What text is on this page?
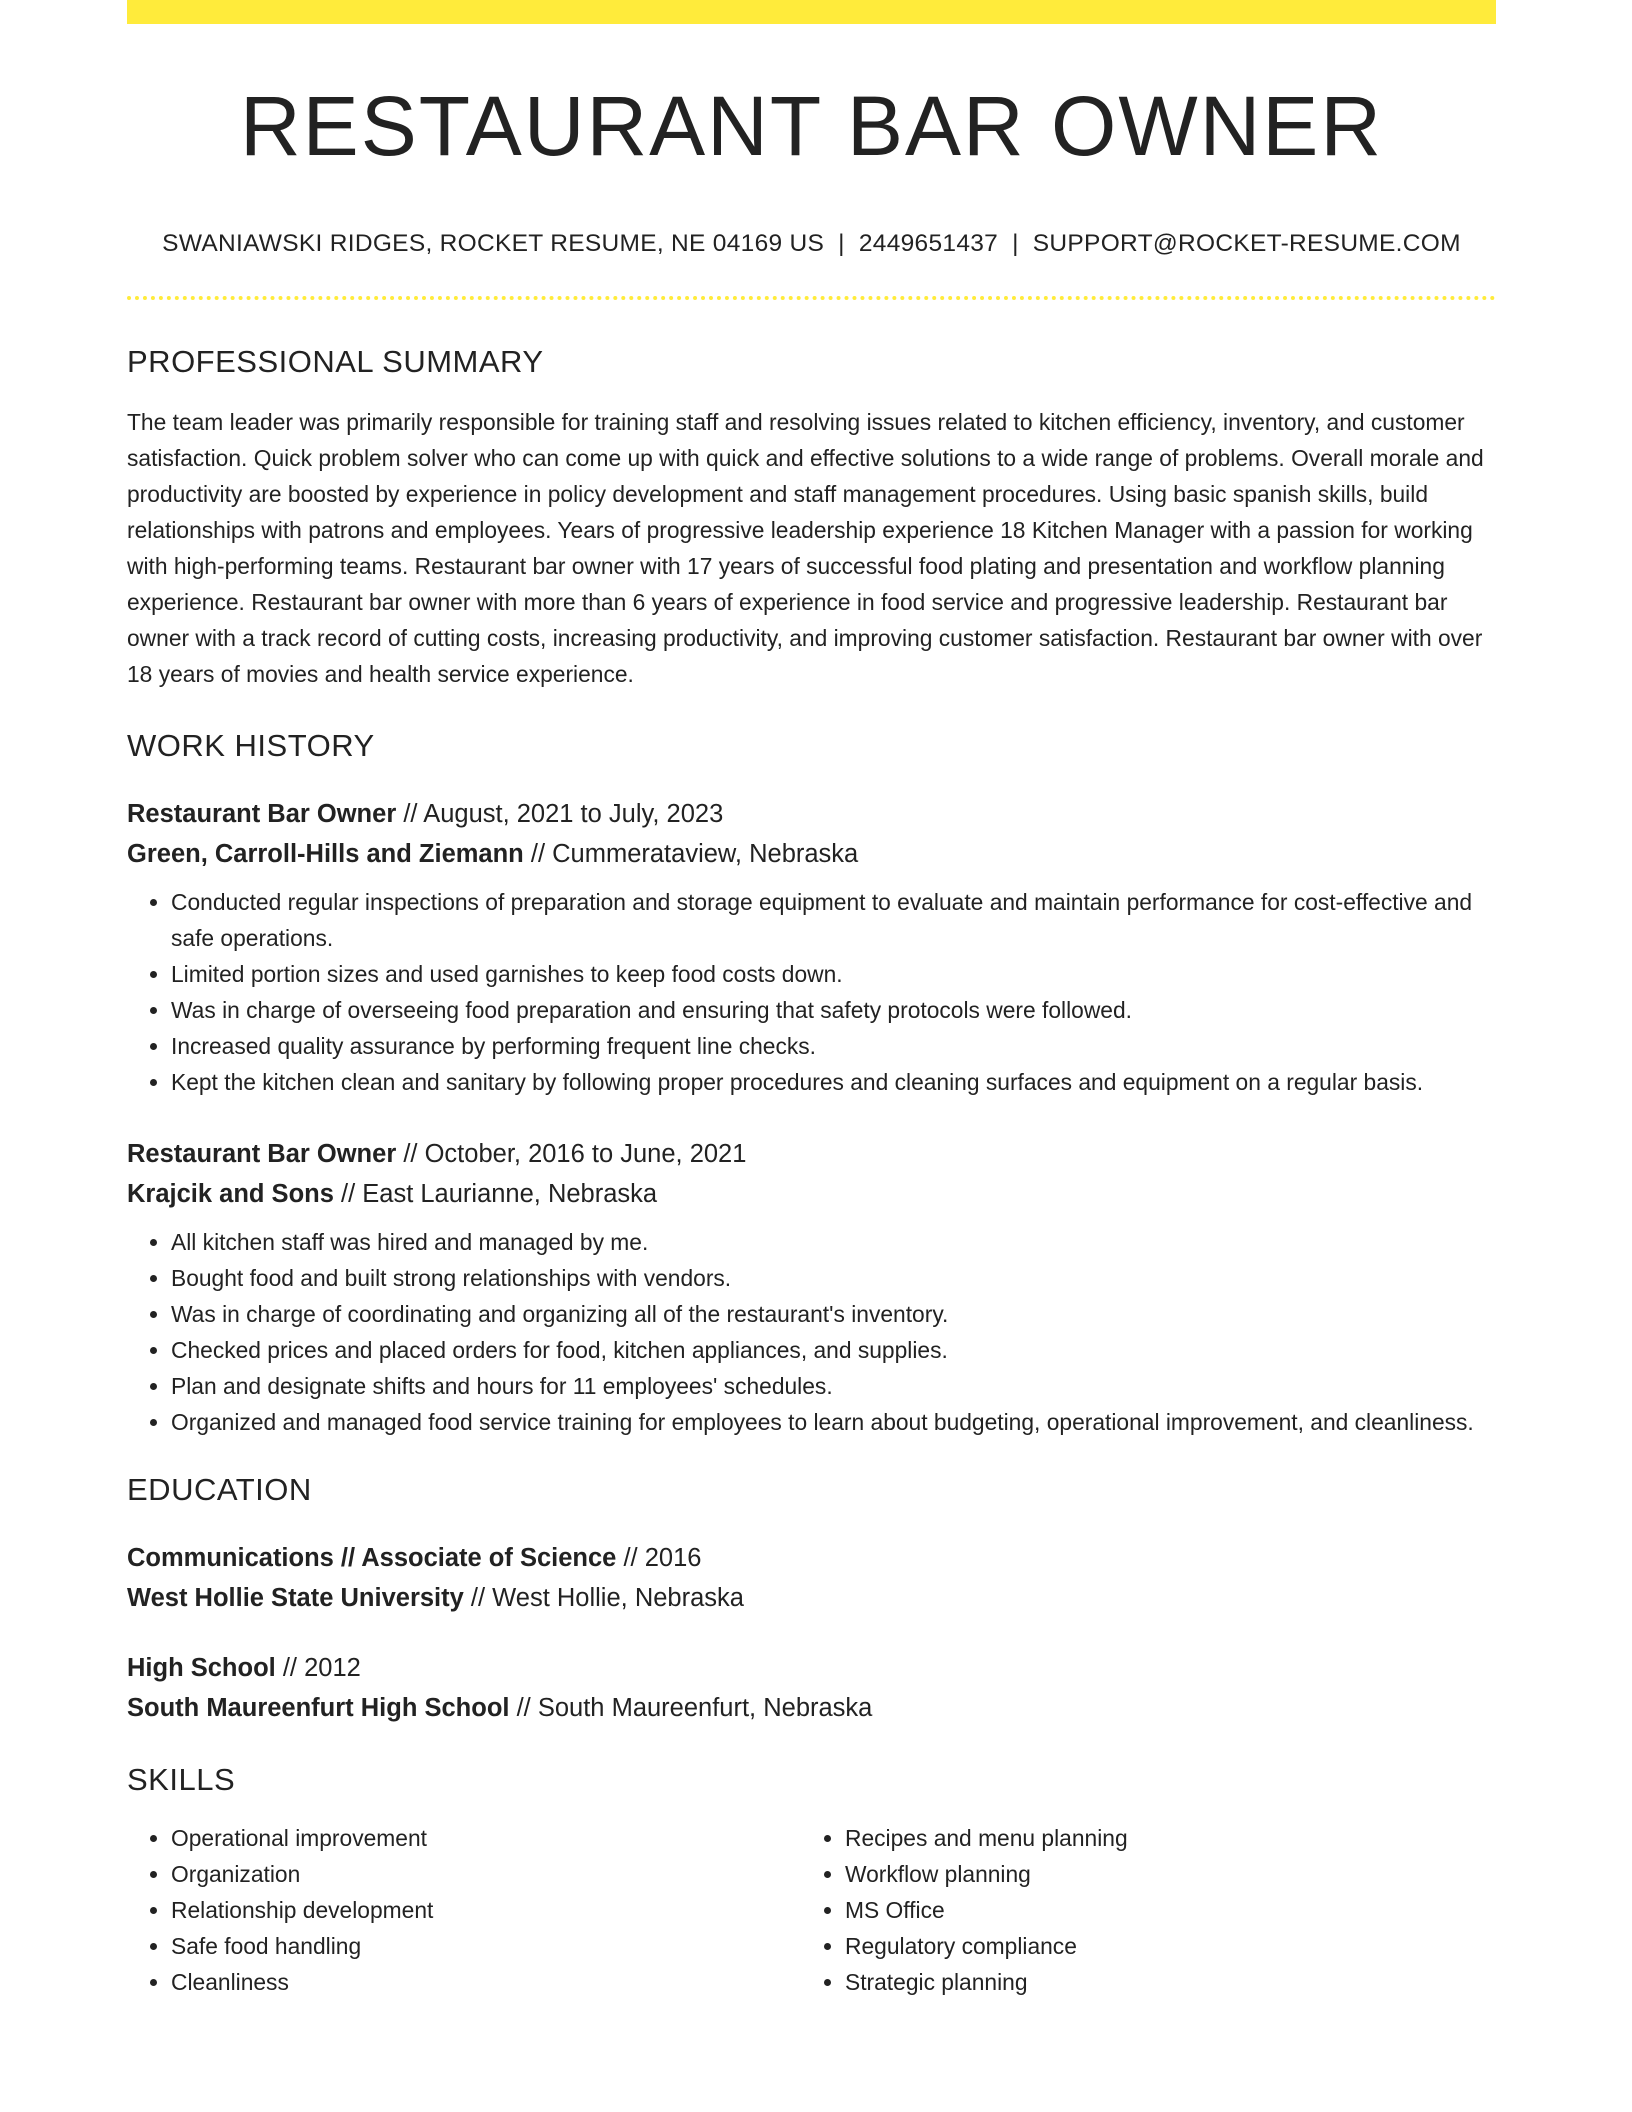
RESTAURANT BAR OWNER
SWANIAWSKI RIDGES, ROCKET RESUME, NE 04169 US | 2449651437 | SUPPORT@ROCKET-RESUME.COM
PROFESSIONAL SUMMARY
The team leader was primarily responsible for training staff and resolving issues related to kitchen efficiency, inventory, and customer satisfaction. Quick problem solver who can come up with quick and effective solutions to a wide range of problems. Overall morale and productivity are boosted by experience in policy development and staff management procedures. Using basic spanish skills, build relationships with patrons and employees. Years of progressive leadership experience 18 Kitchen Manager with a passion for working with high-performing teams. Restaurant bar owner with 17 years of successful food plating and presentation and workflow planning experience. Restaurant bar owner with more than 6 years of experience in food service and progressive leadership. Restaurant bar owner with a track record of cutting costs, increasing productivity, and improving customer satisfaction. Restaurant bar owner with over 18 years of movies and health service experience.
WORK HISTORY
Restaurant Bar Owner // August, 2021 to July, 2023
Green, Carroll-Hills and Ziemann // Cummerataview, Nebraska
• Conducted regular inspections of preparation and storage equipment to evaluate and maintain performance for cost-effective and safe operations.
• Limited portion sizes and used garnishes to keep food costs down.
• Was in charge of overseeing food preparation and ensuring that safety protocols were followed.
• Increased quality assurance by performing frequent line checks.
• Kept the kitchen clean and sanitary by following proper procedures and cleaning surfaces and equipment on a regular basis.
Restaurant Bar Owner // October, 2016 to June, 2021
Krajcik and Sons // East Laurianne, Nebraska
• All kitchen staff was hired and managed by me.
• Bought food and built strong relationships with vendors.
• Was in charge of coordinating and organizing all of the restaurant's inventory.
• Checked prices and placed orders for food, kitchen appliances, and supplies.
• Plan and designate shifts and hours for 11 employees' schedules.
• Organized and managed food service training for employees to learn about budgeting, operational improvement, and cleanliness.
EDUCATION
Communications // Associate of Science // 2016
West Hollie State University // West Hollie, Nebraska
High School // 2012
South Maureenfurt High School // South Maureenfurt, Nebraska
SKILLS
• Operational improvement
• Organization
• Relationship development
• Safe food handling
• Cleanliness
• Recipes and menu planning
• Workflow planning
• MS Office
• Regulatory compliance
• Strategic planning
